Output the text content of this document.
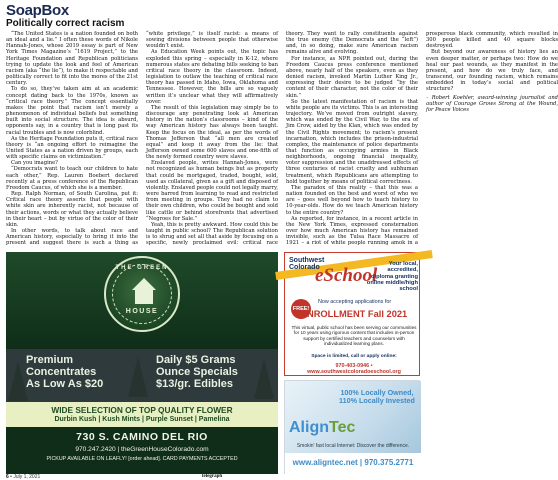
SoapBox
Politically correct racism

“The United States is a nation founded on both an ideal and a lie.” I often these words of Nikole Hannah-Jones, whose 2019 essay is part of New York Times Magazine’s “1619 Project,” to the Heritage Foundation and Republican politicians trying to update the look and feel of American racism (aka “the lie”), to make it respectable and politically correct to fit into the mores of the 21st century.

To do so, they’ve taken aim at an academic concept dating back to the 1970s, known as “critical race theory.” The concept essentially makes the point that racism isn’t merely a phenomenon of individual beliefs but something built into social structure. The idea is absurd, opponents say, in a country that is long past its racial troubles and is now colorblind.

As the Heritage Foundation puts it, critical race theory is “an ongoing effort to reimagine the United States as a nation driven by groups, each with specific claims on victimization.”

Can you imagine?

“Democrats want to teach our children to hate each other,” Rep. Lauren Boebert declared recently at a press conference of the Republican Freedom Caucus, of which she is a member.

Rep. Ralph Norman, of South Carolina, put it: Critical race theory asserts that people with white skin are inherently racist, not because of their actions, words or what they actually believe in their heart – but by virtue of the color of their skin.

In other words, to talk about race and American history, especially to bring it into the present and suggest there is such a thing as “white privilege,” is itself racist: a means of sowing divisions between people that otherwise wouldn’t exist.

As Education Week points out, the topic has exploded this spring – especially in K-12, where numerous states are debating bills seeking to ban critical race theory in the classroom. Indeed, legislation to outlaw the teaching of critical race theory has passed in Idaho, Iowa, Oklahoma and Tennessee. However, the bills are so vaguely written it’s unclear what they will affirmatively cover.

The result of this legislation may simply be to discourage any penetrating look at American history in the nation’s classrooms – kind of the way American history has always been taught. Keep the focus on the ideal, as per the words of Thomas Jefferson that “all men are created equal” and keep it away from the lie: that Jefferson owned some 600 slaves and one-fifth of the newly formed country were slaves.

Enslaved people, writes Hannah-Jones, were not recognized as human beings but as property that could be mortgaged, traded, bought, sold, used as collateral, given as a gift and disposed of violently. Enslaved people could not legally marry, were barred from learning to read and restricted from meeting in groups. They had no claim to their own children, who could be bought and sold like cattle or behind storefronts that advertised “Negroes for Sale.”

Yeah, this is pretty awkward. How could this be taught in public school? The Republican solution is to shrug and set all that aside by focusing on a specific, newly proclaimed evil: critical race theory. They want to rally constituents against the true enemy (the Democrats and the “left”) and, in so doing, make sure American racism remains alive and evolving.

For instance, as NPR pointed out, during the Freedom Caucus press conference mentioned above, nearly half of the speakers, even as they denied racism, invoked Martin Luther King Jr., expressing their desire to be judged “by the content of their character, not the color of their skin.”

So the latest manifestation of racism is that white people are its victims. This is an interesting trajectory. We’ve moved from outright slavery, which was ended by the Civil War, to the era of Jim Crow, aided by the Klan, which was ended by the Civil Rights movement; to racism’s present incarnation, which includes the prison-industrial complex, the maintenance of police departments that function as occupying armies in Black neighborhoods, ongoing financial inequality, voter suppression and the unaddressed effects of three centuries of racist cruelty and subhuman treatment, which Republicans are attempting to hold together by means of political correctness.

The paradox of this reality – that this was a nation founded on the best and worst of who we are – goes well beyond how to teach history to 10-year-olds. How do we teach American history to the entire country?

As reported, for instance, in a recent article in the New York Times, expressed consternation over how much American history has remained invisible, such as the Tulsa Race Massacre of 1921 – a riot of white people running amok in a prosperous black community, which resulted in 300 people killed and 40 square blocks destroyed.

But beyond our awareness of history lies an even deeper matter, or perhaps two: How do we heal our past wounds, as they manifest in the present, and how do we truly face, and transcend, our founding racism, which remains embedded in today’s social and political structure?

– Robert Koehler, award-winning journalist and author of Courage Grows Strong at the Wound, for Peace Voices

THE GREEN
HOUSE
Premium
Concentrates
As Low As $20
Daily $5 Grams
Ounce Specials
$13/gr. Edibles
WIDE SELECTION OF TOP QUALITY FLOWER
Durbin Kush | Kush Mints | Purple Sunset | Pamelina
730 S. CAMINO DEL RIO
970.247.2420 | theGreenHouseColorado.com
PICKUP AVAILABLE ON LEAFLY! [order ahead]. CARD PAYMENTS ACCEPTED
Southwest
Colorado
eSchool
Your local, accredited, diploma granting online middle/high school
FREE!
Now accepting applications for
ENROLLMENT Fall 2021
This virtual, public school has been serving our communities for 10 years using rigorous content that includes in-person support by certified teachers and counselors with individualized learning plans.
Space is limited, call or apply online:
970-403-0946 • www.southwestcoloradoeschool.org
100% Locally Owned,
110% Locally Invested
AlignTec
Smokin' fast local Internet: Discover the difference.
www.aligntec.net | 970.375.2771
6 • July 1, 2021	telegraph
